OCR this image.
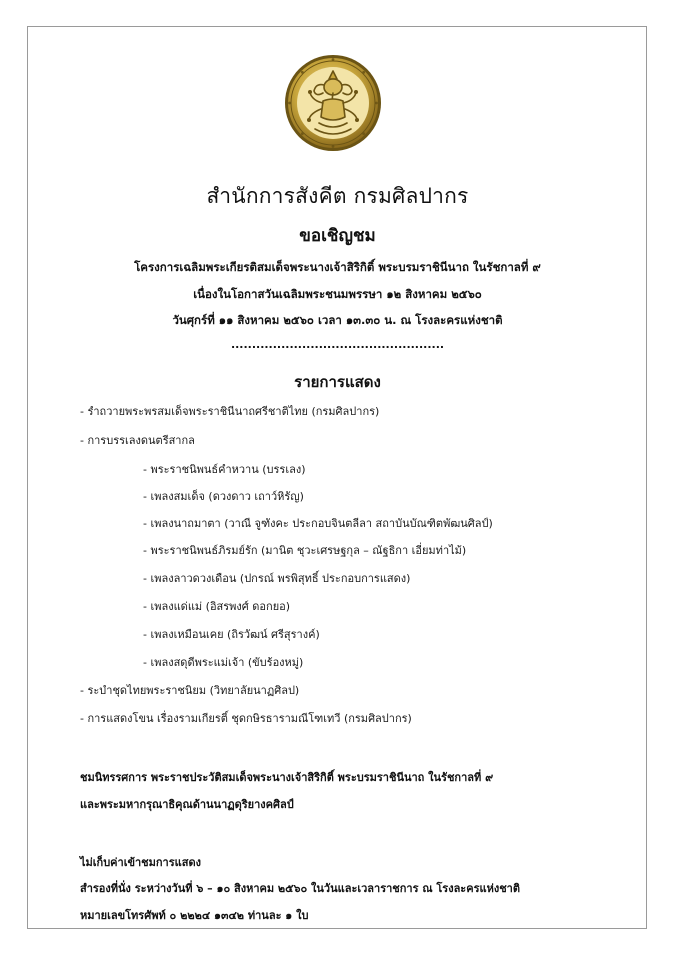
สำนักการสังคีต กรมศิลปากร
ขอเชิญชม
โครงการเฉลิมพระเกียรติสมเด็จพระนางเจ้าสิริกิติ์ พระบรมราชินีนาถ ในรัชกาลที่ ๙
เนื่องในโอกาสวันเฉลิมพระชนมพรรษา ๑๒ สิงหาคม ๒๕๖๐
วันศุกร์ที่ ๑๑ สิงหาคม ๒๕๖๐ เวลา ๑๓.๓๐ น. ณ โรงละครแห่งชาติ
...................................................
รายการแสดง
- รำถวายพระพรสมเด็จพระราชินีนาถศรีชาติไทย (กรมศิลปากร)
- การบรรเลงดนตรีสากล
- พระราชนิพนธ์คำหวาน (บรรเลง)
- เพลงสมเด็จ (ดวงดาว เถาว์หิรัญ)
- เพลงนาถมาตา (วาณี จูฑังคะ ประกอบจินตลีลา สถาบันบัณฑิตพัฒนศิลป์)
- พระราชนิพนธ์ภิรมย์รัก (มานิต ชุวะเศรษฐกุล – ณัฐธิกา เอี่ยมท่าไม้)
- เพลงลาวดวงเดือน (ปกรณ์ พรพิสุทธิ์ ประกอบการแสดง)
- เพลงแด่แม่ (อิสรพงศ์ ดอกยอ)
- เพลงเหมือนเคย (ถิรวัฒน์ ศรีสุรางค์)
- เพลงสดุดีพระแม่เจ้า (ขับร้องหมู่)
- ระบำชุดไทยพระราชนิยม (วิทยาลัยนาฏศิลป)
- การแสดงโขน เรื่องรามเกียรติ์ ชุดกษิรธารามณีโฑเทวี (กรมศิลปากร)
ชมนิทรรศการ พระราชประวัติสมเด็จพระนางเจ้าสิริกิติ์ พระบรมราชินีนาถ ในรัชกาลที่ ๙
และพระมหากรุณาธิคุณด้านนาฏดุริยางคศิลป์
ไม่เก็บค่าเข้าชมการแสดง
สำรองที่นั่ง ระหว่างวันที่ ๖ – ๑๐ สิงหาคม ๒๕๖๐ ในวันและเวลาราชการ ณ โรงละครแห่งชาติ
หมายเลขโทรศัพท์ ๐ ๒๒๒๔ ๑๓๔๒ ท่านละ ๑ ใบ
